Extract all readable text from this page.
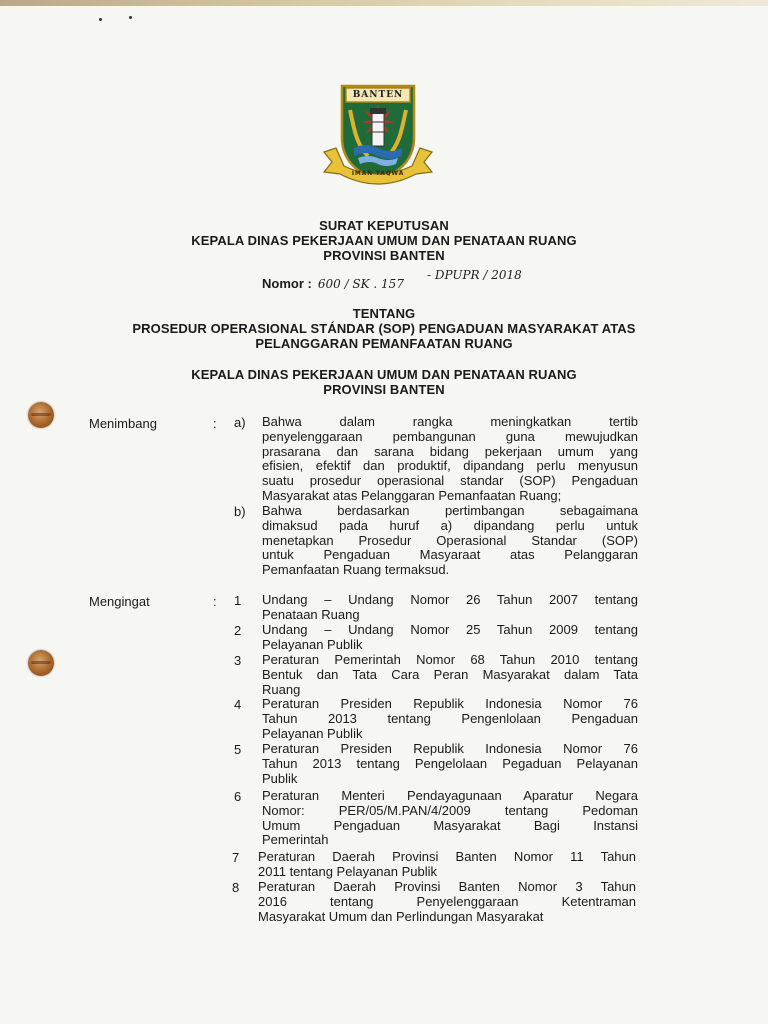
BANTEN
IMAN TAQWA
SURAT KEPUTUSAN
KEPALA DINAS PEKERJAAN UMUM DAN PENATAAN RUANG
PROVINSI BANTEN
Nomor : 600 / SK . 157
- DPUPR / 2018
TENTANG
PROSEDUR OPERASIONAL STÁNDAR (SOP) PENGADUAN MASYARAKAT ATAS
PELANGGARAN PEMANFAATAN RUANG
KEPALA DINAS PEKERJAAN UMUM DAN PENATAAN RUANG
PROVINSI BANTEN
Menimbang	: a) Bahwa dalam rangka meningkatkan tertib
penyelenggaraan pembangunan guna mewujudkan
prasarana dan sarana bidang pekerjaan umum yang
efisien, efektif dan produktif, dipandang perlu menyusun
suatu prosedur operasional standar (SOP) Pengaduan
Masyarakat atas Pelanggaran Pemanfaatan Ruang;
b) Bahwa berdasarkan pertimbangan sebagaimana
dimaksud pada huruf a) dipandang perlu untuk
menetapkan Prosedur Operasional Standar (SOP)
untuk Pengaduan Masyaraat atas Pelanggaran
Pemanfaatan Ruang termaksud.
Mengingat	: 1 Undang – Undang Nomor 26 Tahun 2007 tentang
Penataan Ruang
2 Undang – Undang Nomor 25 Tahun 2009 tentang
Pelayanan Publik
3 Peraturan Pemerintah Nomor 68 Tahun 2010 tentang
Bentuk dan Tata Cara Peran Masyarakat dalam Tata
Ruang
4 Peraturan Presiden Republik Indonesia Nomor 76
Tahun 2013 tentang Pengenlolaan Pengaduan
Pelayanan Publik
5 Peraturan Presiden Republik Indonesia Nomor 76
Tahun 2013 tentang Pengelolaan Pegaduan Pelayanan
Publik
6 Peraturan Menteri Pendayagunaan Aparatur Negara
Nomor: PER/05/M.PAN/4/2009 tentang Pedoman
Umum Pengaduan Masyarakat Bagi Instansi
Pemerintah
7 Peraturan Daerah Provinsi Banten Nomor 11 Tahun
2011 tentang Pelayanan Publik
8 Peraturan Daerah Provinsi Banten Nomor 3 Tahun
2016 tentang Penyelenggaraan Ketentraman
Masyarakat Umum dan Perlindungan Masyarakat
